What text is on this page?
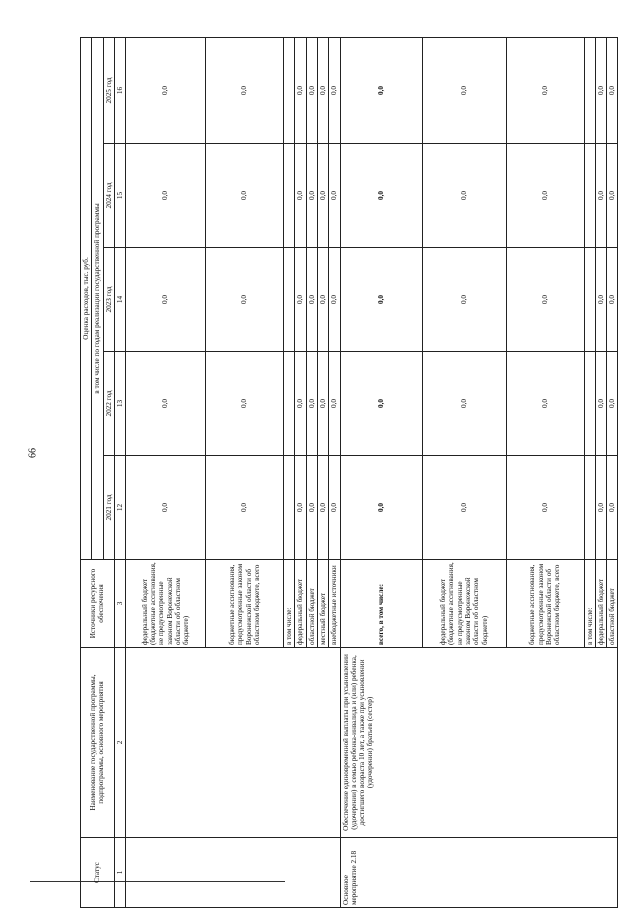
66
Статус	Наименование государственной программы, подпрограммы, основного мероприятия	Источники ресурсного обеспечения	Оценка расходов, тыс. руб.				
			в том числе по годам реализации государственной программы				
			2021 год	2022 год	2023 год	2024 год	2025 год
1	2	3	12	13	14	15	16
		федеральный бюджет (бюджетные ассигнования, не предусмотренные законом Воронежской области об областном бюджете)	0,0	0,0	0,0	0,0	0,0
		бюджетные ассигнования, предусмотренные законом Воронежской области об областном бюджете, всего	0,0	0,0	0,0	0,0	0,0
		в том числе:					
		федеральный бюджет	0,0	0,0	0,0	0,0	0,0
		областной бюджет	0,0	0,0	0,0	0,0	0,0
		местный бюджет	0,0	0,0	0,0	0,0	0,0
		внебюджетные источники	0,0	0,0	0,0	0,0	0,0
Основное мероприятие 2.18	Обеспечение единовременной выплаты при усыновлении (удочерении) в семью ребенка-инвалида и (или) ребенка, достигшего возраста 10 лет, а также при усыновлении (удочерении) братьев (сестер)	всего, в том числе:	0,0	0,0	0,0	0,0	0,0
		федеральный бюджет (бюджетные ассигнования, не предусмотренные законом Воронежской области об областном бюджете)	0,0	0,0	0,0	0,0	0,0
		бюджетные ассигнования, предусмотренные законом Воронежской области об областном бюджете, всего	0,0	0,0	0,0	0,0	0,0
		в том числе:					
		федеральный бюджет	0,0	0,0	0,0	0,0	0,0
		областной бюджет	0,0	0,0	0,0	0,0	0,0
